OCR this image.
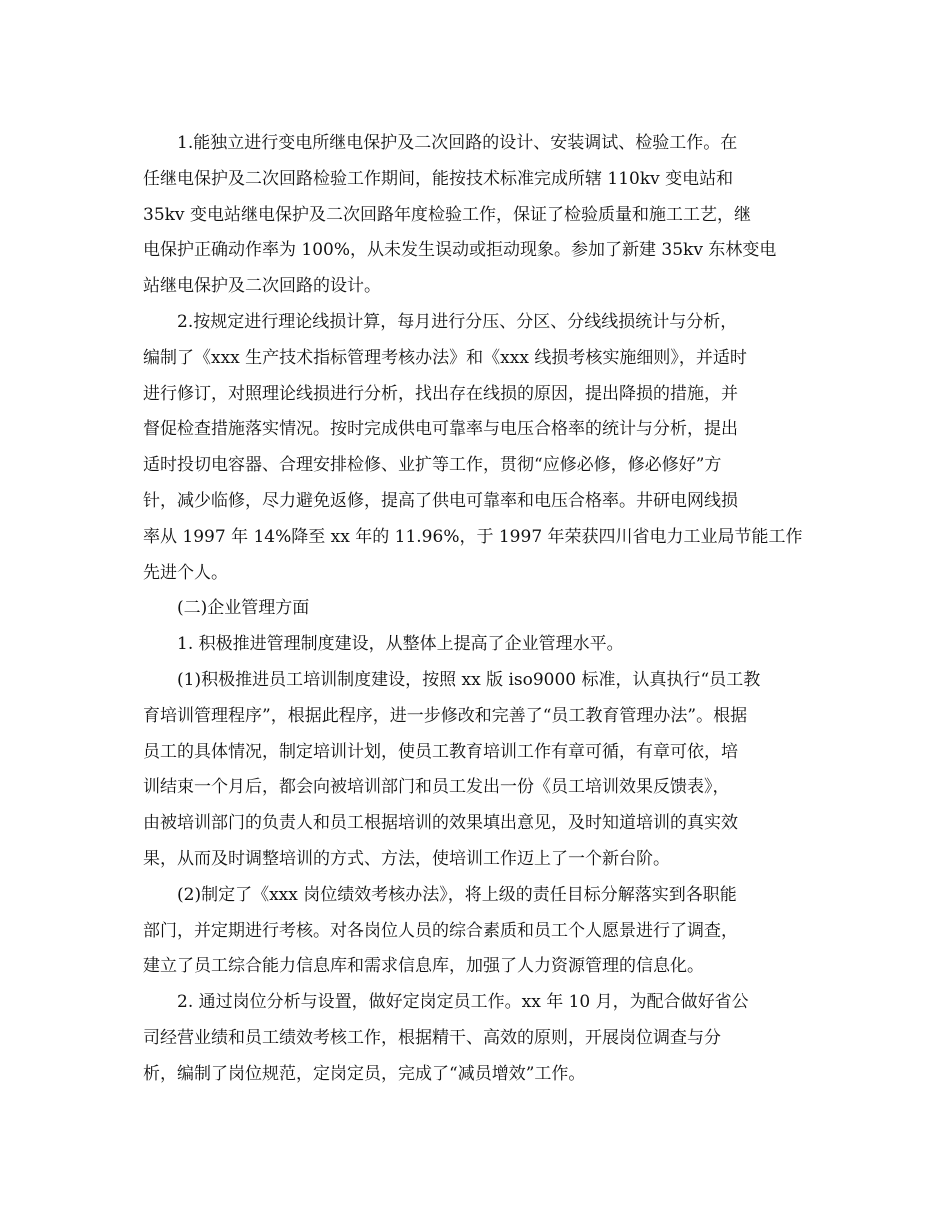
1.能独立进行变电所继电保护及二次回路的设计、安装调试、检验工作。在
任继电保护及二次回路检验工作期间，能按技术标准完成所辖 110kv 变电站和
35kv 变电站继电保护及二次回路年度检验工作，保证了检验质量和施工工艺，继
电保护正确动作率为 100%，从未发生误动或拒动现象。参加了新建 35kv 东林变电
站继电保护及二次回路的设计。
2.按规定进行理论线损计算，每月进行分压、分区、分线线损统计与分析，
编制了《xxx 生产技术指标管理考核办法》和《xxx 线损考核实施细则》，并适时
进行修订，对照理论线损进行分析，找出存在线损的原因，提出降损的措施，并
督促检查措施落实情况。按时完成供电可靠率与电压合格率的统计与分析，提出
适时投切电容器、合理安排检修、业扩等工作，贯彻“应修必修，修必修好”方
针，减少临修，尽力避免返修，提高了供电可靠率和电压合格率。井研电网线损
率从 1997 年 14%降至 xx 年的 11.96%，于 1997 年荣获四川省电力工业局节能工作
先进个人。
(二)企业管理方面
1. 积极推进管理制度建设，从整体上提高了企业管理水平。
(1)积极推进员工培训制度建设，按照 xx 版 iso9000 标准，认真执行“员工教
育培训管理程序”，根据此程序，进一步修改和完善了“员工教育管理办法”。根据
员工的具体情况，制定培训计划，使员工教育培训工作有章可循，有章可依，培
训结束一个月后，都会向被培训部门和员工发出一份《员工培训效果反馈表》，
由被培训部门的负责人和员工根据培训的效果填出意见，及时知道培训的真实效
果，从而及时调整培训的方式、方法，使培训工作迈上了一个新台阶。
(2)制定了《xxx 岗位绩效考核办法》，将上级的责任目标分解落实到各职能
部门，并定期进行考核。对各岗位人员的综合素质和员工个人愿景进行了调查，
建立了员工综合能力信息库和需求信息库，加强了人力资源管理的信息化。
2. 通过岗位分析与设置，做好定岗定员工作。xx 年 10 月，为配合做好省公
司经营业绩和员工绩效考核工作，根据精干、高效的原则，开展岗位调查与分
析，编制了岗位规范，定岗定员，完成了“减员增效”工作。
